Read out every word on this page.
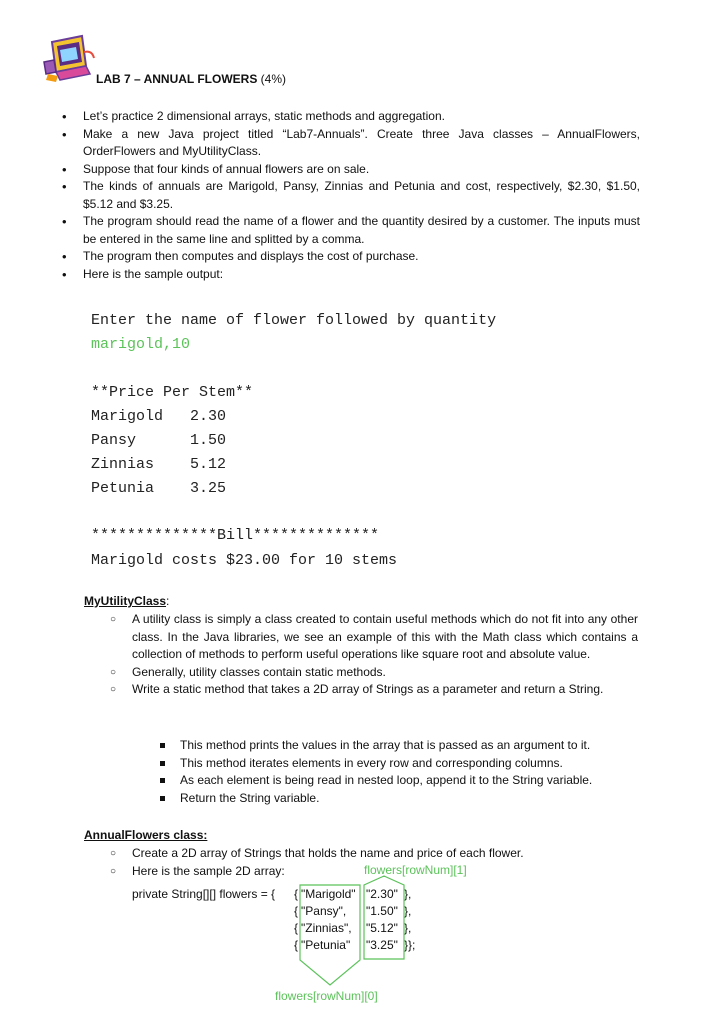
LAB 7 – ANNUAL FLOWERS (4%)
• Let’s practice 2 dimensional arrays, static methods and aggregation.
• Make a new Java project titled “Lab7-Annuals”. Create three Java classes – AnnualFlowers, OrderFlowers and MyUtilityClass.
• Suppose that four kinds of annual flowers are on sale.
• The kinds of annuals are Marigold, Pansy, Zinnias and Petunia and cost, respectively, $2.30, $1.50, $5.12 and $3.25.
• The program should read the name of a flower and the quantity desired by a customer. The inputs must be entered in the same line and splitted by a comma.
• The program then computes and displays the cost of purchase.
• Here is the sample output:
Enter the name of flower followed by quantity
marigold,10
**Price Per Stem**
Marigold 2.30
Pansy	1.50
Zinnias 5.12
Petunia 3.25
**************Bill**************
Marigold costs $23.00 for 10 stems
MyUtilityClass:
○ A utility class is simply a class created to contain useful methods which do not fit into any other class. In the Java libraries, we see an example of this with the Math class which contains a collection of methods to perform useful operations like square root and absolute value.
○ Generally, utility classes contain static methods.
○ Write a static method that takes a 2D array of Strings as a parameter and return a String.
This method prints the values in the array that is passed as an argument to it.
This method iterates elements in every row and corresponding columns.
As each element is being read in nested loop, append it to the String variable.
Return the String variable.
AnnualFlowers class:
○ Create a 2D array of Strings that holds the name and price of each flower.
○ Here is the sample 2D array:	flowers[rowNum][1]
private String[][] flowers = { { "Marigold" "2.30" },
{ "Pansy", "1.50" },
{ "Zinnias", "5.12" },
{ "Petunia" "3.25" }};
flowers[rowNum][0]
